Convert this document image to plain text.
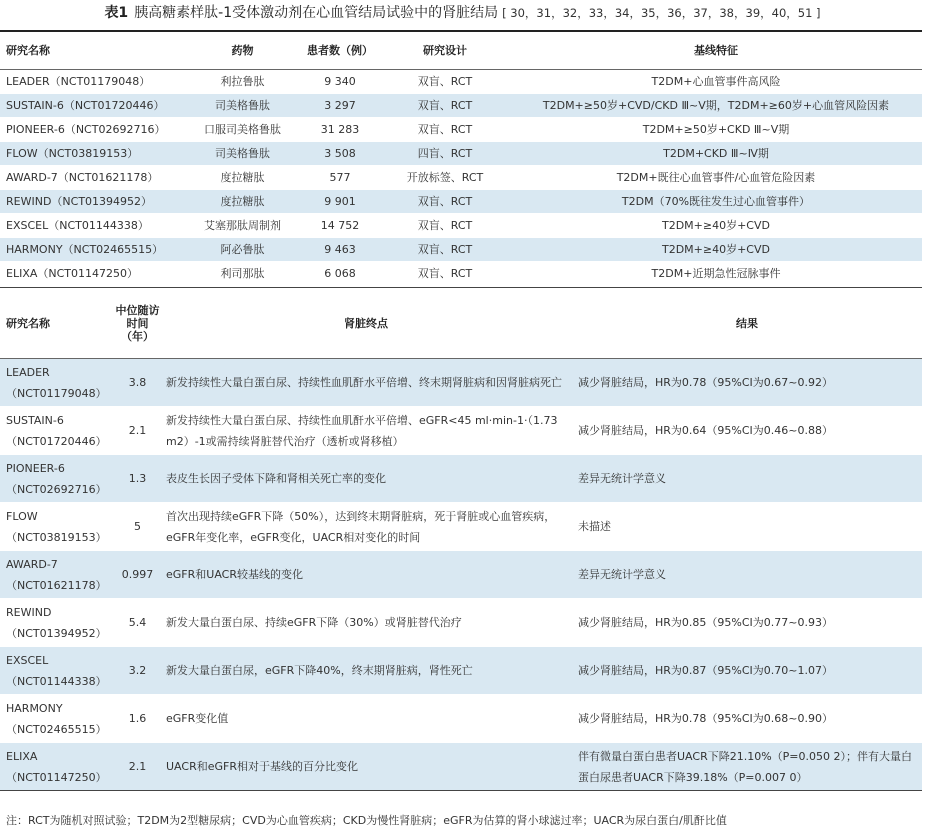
表1 胰高糖素样肽-1受体激动剂在心血管结局试验中的肾脏结局 [ 30，31，32，33，34，35，36，37，38，39，40，51 ]
研究名称	药物	患者数（例）	研究设计	基线特征
LEADER（NCT01179048）	利拉鲁肽	9 340	双盲、RCT	T2DM+心血管事件高风险
SUSTAIN-6（NCT01720446）	司美格鲁肽	3 297	双盲、RCT	T2DM+≥50岁+CVD/CKD Ⅲ~Ⅴ期，T2DM+≥60岁+心血管风险因素
PIONEER-6（NCT02692716）	口服司美格鲁肽	31 283	双盲、RCT	T2DM+≥50岁+CKD Ⅲ~Ⅴ期
FLOW（NCT03819153）	司美格鲁肽	3 508	四盲、RCT	T2DM+CKD Ⅲ~Ⅳ期
AWARD-7（NCT01621178）	度拉糖肽	577	开放标签、RCT	T2DM+既往心血管事件/心血管危险因素
REWIND（NCT01394952）	度拉糖肽	9 901	双盲、RCT	T2DM（70%既往发生过心血管事件）
EXSCEL（NCT01144338）	艾塞那肽周制剂	14 752	双盲、RCT	T2DM+≥40岁+CVD
HARMONY（NCT02465515）	阿必鲁肽	9 463	双盲、RCT	T2DM+≥40岁+CVD
ELIXA（NCT01147250）	利司那肽	6 068	双盲、RCT	T2DM+近期急性冠脉事件
研究名称	中位随访时间（年）	肾脏终点	结果

LEADER
（NCT01179048）	3.8	新发持续性大量白蛋白尿、持续性血肌酐水平倍增、终末期肾脏病和因肾脏病死亡	减少肾脏结局，HR为0.78（95%CI为0.67~0.92）

SUSTAIN-6
（NCT01720446）	2.1	新发持续性大量白蛋白尿、持续性血肌酐水平倍增、eGFR<45 ml·min-1·（1.73 m2）-1或需持续肾脏替代治疗（透析或肾移植）	减少肾脏结局，HR为0.64（95%CI为0.46~0.88）

PIONEER-6
（NCT02692716）	1.3	表皮生长因子受体下降和肾相关死亡率的变化	差异无统计学意义

FLOW
（NCT03819153）	5	首次出现持续eGFR下降（50%），达到终末期肾脏病，死于肾脏或心血管疾病，eGFR年变化率，eGFR变化，UACR相对变化的时间	未描述

AWARD-7
（NCT01621178）	0.997	eGFR和UACR较基线的变化	差异无统计学意义

REWIND
（NCT01394952）	5.4	新发大量白蛋白尿、持续eGFR下降（30%）或肾脏替代治疗	减少肾脏结局，HR为0.85（95%CI为0.77~0.93）

EXSCEL
（NCT01144338）	3.2	新发大量白蛋白尿，eGFR下降40%，终末期肾脏病，肾性死亡	减少肾脏结局，HR为0.87（95%CI为0.70~1.07）

HARMONY
（NCT02465515）	1.6	eGFR变化值	减少肾脏结局，HR为0.78（95%CI为0.68~0.90）

ELIXA
（NCT01147250）	2.1	UACR和eGFR相对于基线的百分比变化	伴有微量白蛋白患者UACR下降21.10%（P=0.050 2）；伴有大量白蛋白尿患者UACR下降39.18%（P=0.007 0）
注：RCT为随机对照试验；T2DM为2型糖尿病；CVD为心血管疾病；CKD为慢性肾脏病；eGFR为估算的肾小球滤过率；UACR为尿白蛋白/肌酐比值
